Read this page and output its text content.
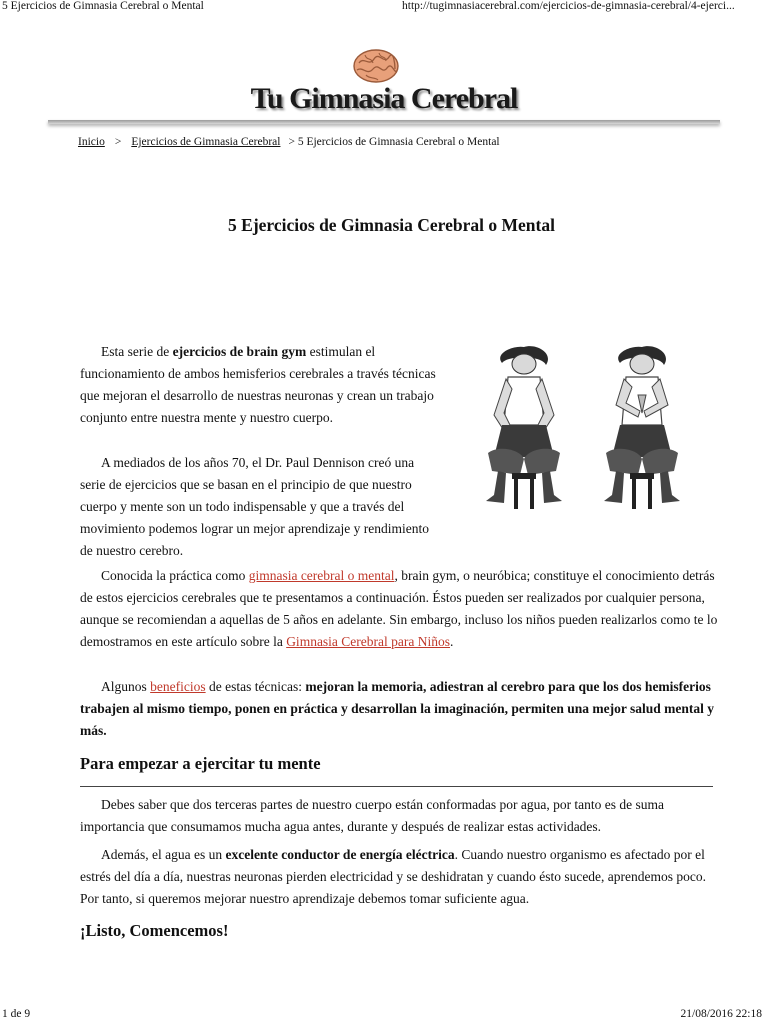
5 Ejercicios de Gimnasia Cerebral o Mental	http://tugimnasiacerebral.com/ejercicios-de-gimnasia-cerebral/4-ejerci...
Tu Gimnasia Cerebral
Inicio > Ejercicios de Gimnasia Cerebral > 5 Ejercicios de Gimnasia Cerebral o Mental
5 Ejercicios de Gimnasia Cerebral o Mental

Esta serie de ejercicios de brain gym estimulan el funcionamiento de ambos hemisferios cerebrales a través técnicas que mejoran el desarrollo de nuestras neuronas y crean un trabajo conjunto entre nuestra mente y nuestro cuerpo.

A mediados de los años 70, el Dr. Paul Dennison creó una serie de ejercicios que se basan en el principio de que nuestro cuerpo y mente son un todo indispensable y que a través del movimiento podemos lograr un mejor aprendizaje y rendimiento de nuestro cerebro.

Conocida la práctica como gimnasia cerebral o mental, brain gym, o neuróbica; constituye el conocimiento detrás de estos ejercicios cerebrales que te presentamos a continuación. Éstos pueden ser realizados por cualquier persona, aunque se recomiendan a aquellas de 5 años en adelante. Sin embargo, incluso los niños pueden realizarlos como te lo demostramos en este artículo sobre la Gimnasia Cerebral para Niños.

Algunos beneficios de estas técnicas: mejoran la memoria, adiestran al cerebro para que los dos hemisferios trabajen al mismo tiempo, ponen en práctica y desarrollan la imaginación, permiten una mejor salud mental y más.

Para empezar a ejercitar tu mente

Debes saber que dos terceras partes de nuestro cuerpo están conformadas por agua, por tanto es de suma importancia que consumamos mucha agua antes, durante y después de realizar estas actividades.

Además, el agua es un excelente conductor de energía eléctrica. Cuando nuestro organismo es afectado por el estrés del día a día, nuestras neuronas pierden electricidad y se deshidratan y cuando ésto sucede, aprendemos poco. Por tanto, si queremos mejorar nuestro aprendizaje debemos tomar suficiente agua.

¡Listo, Comencemos!
1 de 9	21/08/2016 22:18
